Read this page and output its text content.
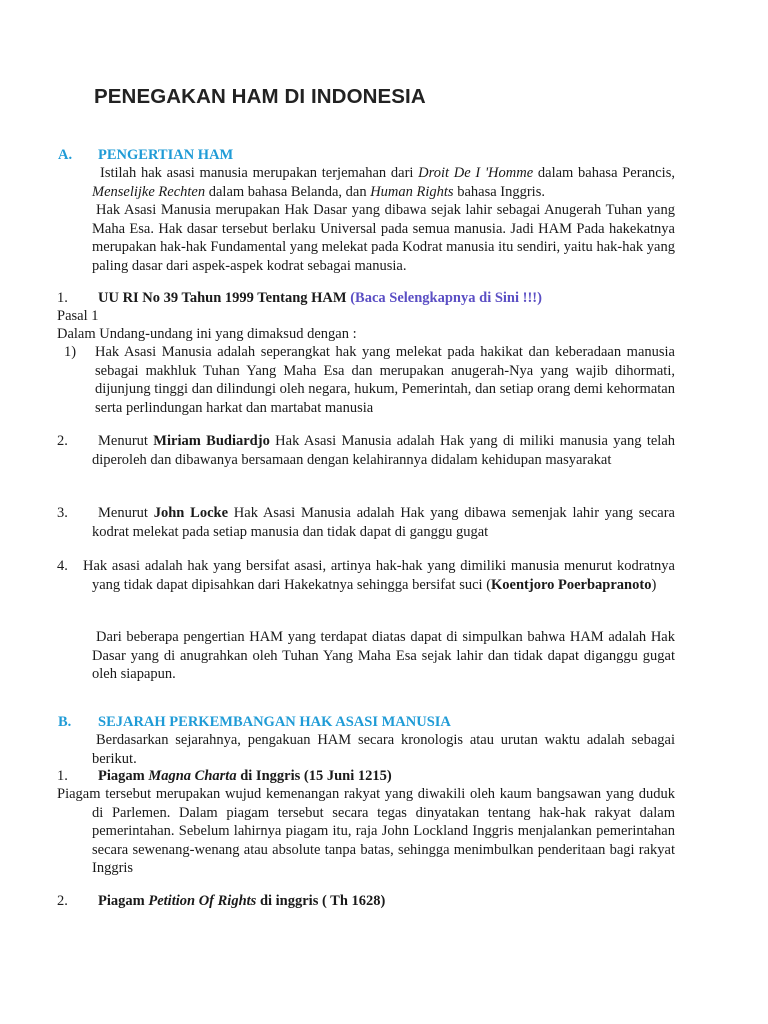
PENEGAKAN HAM DI INDONESIA
A. PENGERTIAN HAM
Istilah hak asasi manusia merupakan terjemahan dari Droit De I 'Homme dalam bahasa Perancis, Menselijke Rechten dalam bahasa Belanda, dan Human Rights bahasa Inggris.
Hak Asasi Manusia merupakan Hak Dasar yang dibawa sejak lahir sebagai Anugerah Tuhan yang Maha Esa. Hak dasar tersebut berlaku Universal pada semua manusia. Jadi HAM Pada hakekatnya merupakan hak-hak Fundamental yang melekat pada Kodrat manusia itu sendiri, yaitu hak-hak yang paling dasar dari aspek-aspek kodrat sebagai manusia.
1. UU RI No 39 Tahun 1999 Tentang HAM (Baca Selengkapnya di Sini !!!)
Pasal 1
Dalam Undang-undang ini yang dimaksud dengan :
1) Hak Asasi Manusia adalah seperangkat hak yang melekat pada hakikat dan keberadaan manusia sebagai makhluk Tuhan Yang Maha Esa dan merupakan anugerah-Nya yang wajib dihormati, dijunjung tinggi dan dilindungi oleh negara, hukum, Pemerintah, dan setiap orang demi kehormatan serta perlindungan harkat dan martabat manusia
2.	Menurut Miriam Budiardjo Hak Asasi Manusia adalah Hak yang di miliki manusia yang telah diperoleh dan dibawanya bersamaan dengan kelahirannya didalam kehidupan masyarakat
3.	Menurut John Locke Hak Asasi Manusia adalah Hak yang dibawa semenjak lahir yang secara kodrat melekat pada setiap manusia dan tidak dapat di ganggu gugat
4. Hak asasi adalah hak yang bersifat asasi, artinya hak-hak yang dimiliki manusia menurut kodratnya yang tidak dapat dipisahkan dari Hakekatnya sehingga bersifat suci (Koentjoro Poerbapranoto)
Dari beberapa pengertian HAM yang terdapat diatas dapat di simpulkan bahwa HAM adalah Hak Dasar yang di anugrahkan oleh Tuhan Yang Maha Esa sejak lahir dan tidak dapat diganggu gugat oleh siapapun.
B. SEJARAH PERKEMBANGAN HAK ASASI MANUSIA
Berdasarkan sejarahnya, pengakuan HAM secara kronologis atau urutan waktu adalah sebagai berikut.
1. Piagam Magna Charta di Inggris (15 Juni 1215)
Piagam tersebut merupakan wujud kemenangan rakyat yang diwakili oleh kaum bangsawan yang duduk di Parlemen. Dalam piagam tersebut secara tegas dinyatakan tentang hak-hak rakyat dalam pemerintahan. Sebelum lahirnya piagam itu, raja John Lockland Inggris menjalankan pemerintahan secara sewenang-wenang atau absolute tanpa batas, sehingga menimbulkan penderitaan bagi rakyat Inggris
2. Piagam Petition Of Rights di inggris ( Th 1628)
